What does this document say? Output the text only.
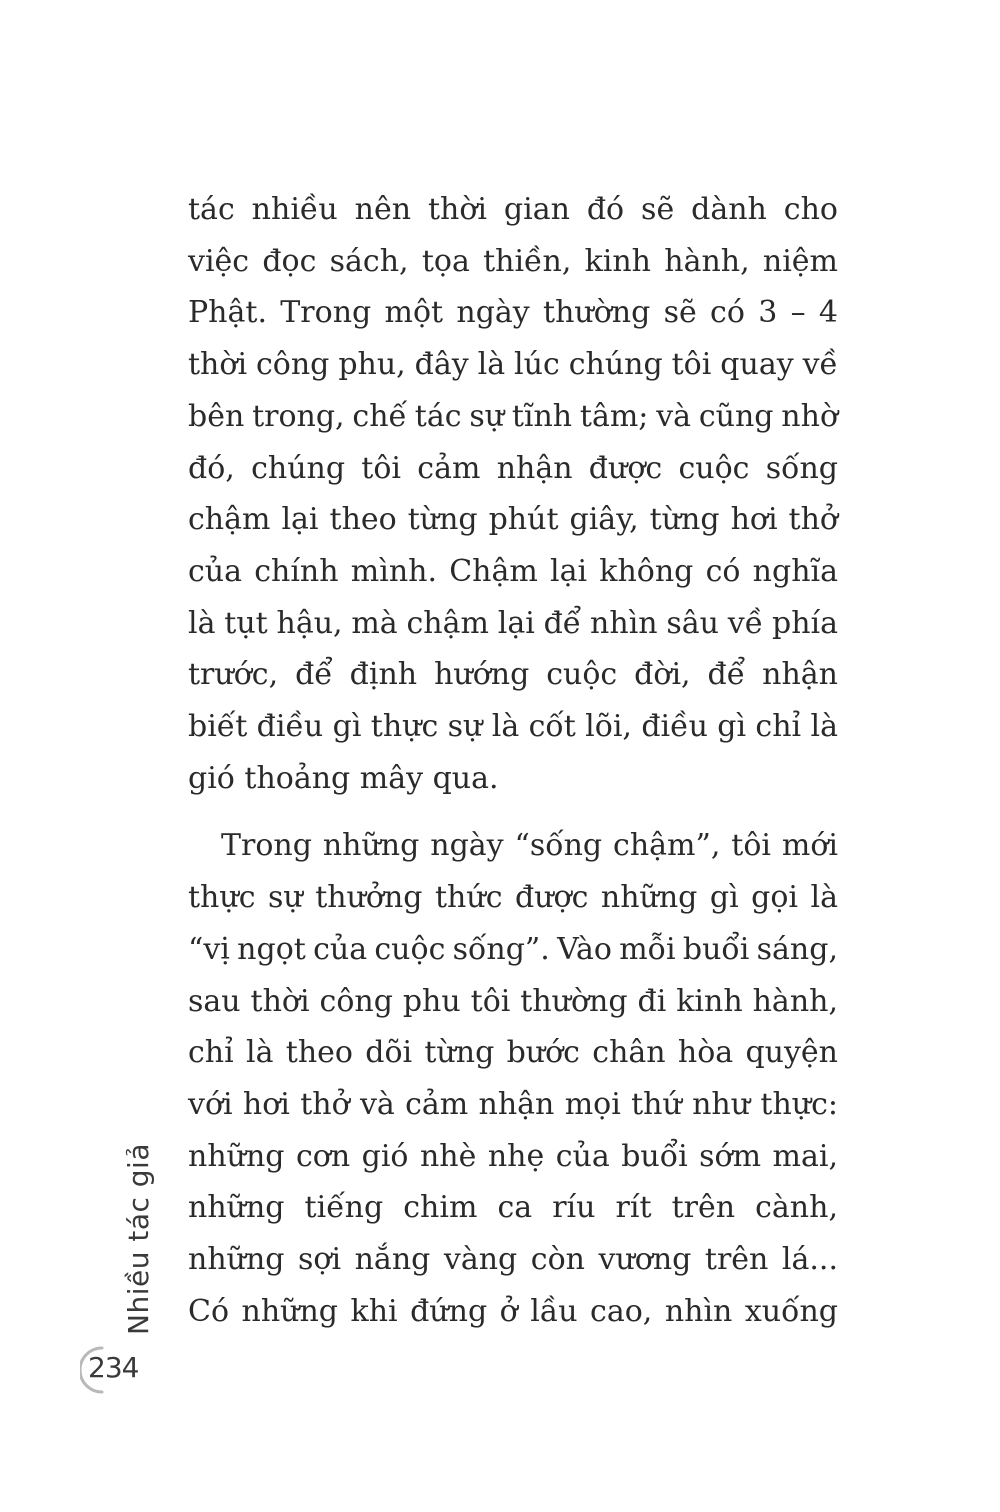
tác nhiều nên thời gian đó sẽ dành cho
việc đọc sách, tọa thiền, kinh hành, niệm
Phật. Trong một ngày thường sẽ có 3 – 4
thời công phu, đây là lúc chúng tôi quay về
bên trong, chế tác sự tĩnh tâm; và cũng nhờ
đó, chúng tôi cảm nhận được cuộc sống
chậm lại theo từng phút giây, từng hơi thở
của chính mình. Chậm lại không có nghĩa
là tụt hậu, mà chậm lại để nhìn sâu về phía
trước, để định hướng cuộc đời, để nhận
biết điều gì thực sự là cốt lõi, điều gì chỉ là
gió thoảng mây qua.

Trong những ngày “sống chậm”, tôi mới
thực sự thưởng thức được những gì gọi là
“vị ngọt của cuộc sống”. Vào mỗi buổi sáng,
sau thời công phu tôi thường đi kinh hành,
chỉ là theo dõi từng bước chân hòa quyện
với hơi thở và cảm nhận mọi thứ như thực:
những cơn gió nhè nhẹ của buổi sớm mai,
những tiếng chim ca ríu rít trên cành,
những sợi nắng vàng còn vương trên lá...
Có những khi đứng ở lầu cao, nhìn xuống

Nhiều tác giả
234
